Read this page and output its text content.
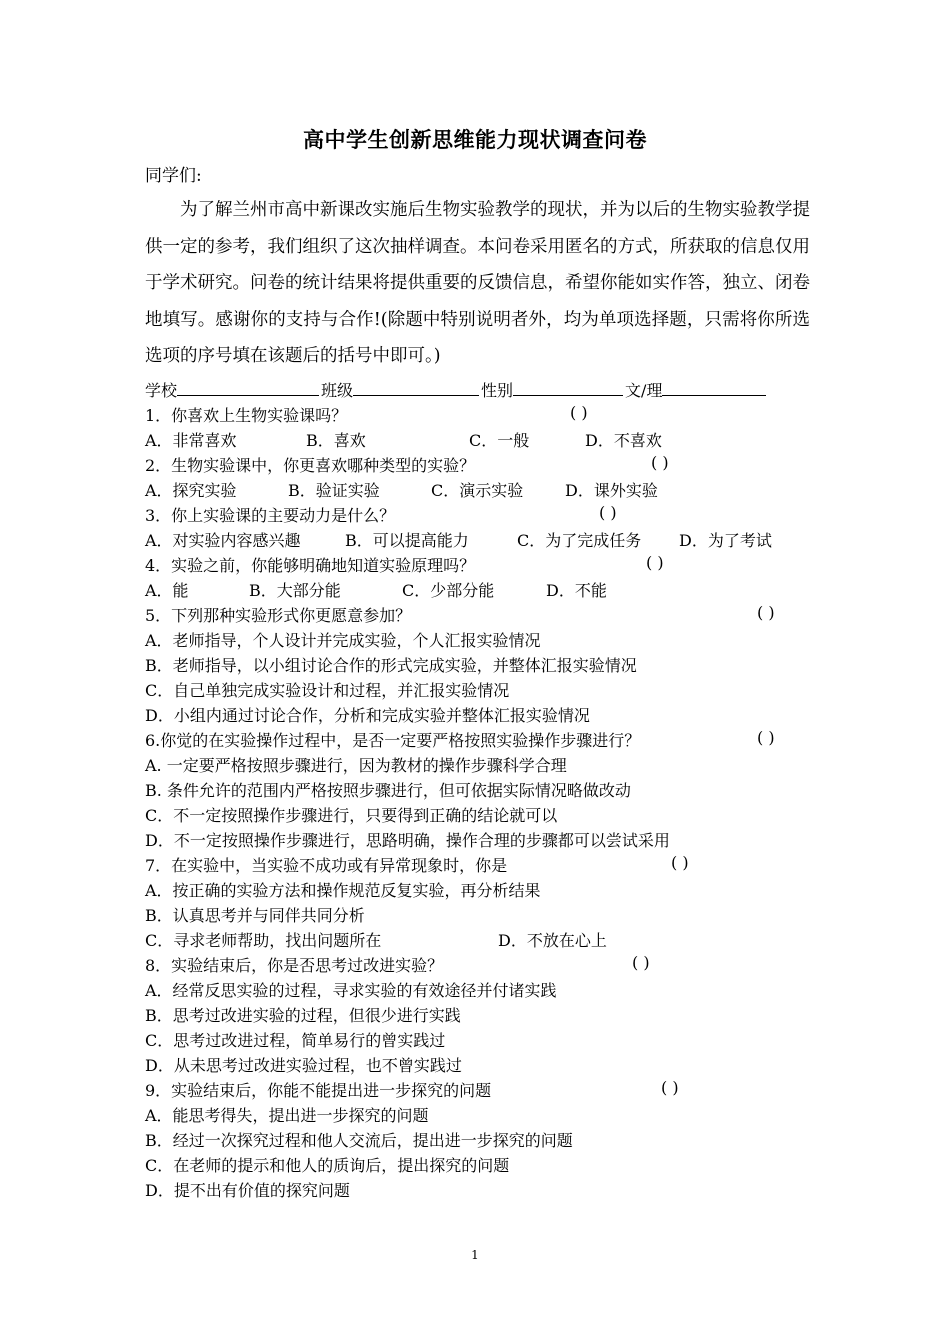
高中学生创新思维能力现状调查问卷
同学们:
为了解兰州市高中新课改实施后生物实验教学的现状，并为以后的生物实验教学提供一定的参考，我们组织了这次抽样调查。本问卷采用匿名的方式，所获取的信息仅用于学术研究。问卷的统计结果将提供重要的反馈信息，希望你能如实作答，独立、闭卷地填写。感谢你的支持与合作!(除题中特别说明者外，均为单项选择题，只需将你所选选项的序号填在该题后的括号中即可。)
学校	班级	性别	文/理
1．你喜欢上生物实验课吗？	( )
A．非常喜欢	B．喜欢	C．一般	D．不喜欢
2．生物实验课中，你更喜欢哪种类型的实验？	( )
A．探究实验	B．验证实验	C．演示实验	D．课外实验
3．你上实验课的主要动力是什么？	( )
A．对实验内容感兴趣	B．可以提高能力	C．为了完成任务 D．为了考试
4．实验之前，你能够明确地知道实验原理吗？	( )
A．能	B．大部分能	C．少部分能	D．不能
5．下列那种实验形式你更愿意参加？	( )
A．老师指导，个人设计并完成实验，个人汇报实验情况
B．老师指导，以小组讨论合作的形式完成实验，并整体汇报实验情况
C．自己单独完成实验设计和过程，并汇报实验情况
D．小组内通过讨论合作，分析和完成实验并整体汇报实验情况
6.你觉的在实验操作过程中，是否一定要严格按照实验操作步骤进行？	( )
A. 一定要严格按照步骤进行，因为教材的操作步骤科学合理
B. 条件允许的范围内严格按照步骤进行，但可依据实际情况略做改动
C．不一定按照操作步骤进行，只要得到正确的结论就可以
D．不一定按照操作步骤进行，思路明确，操作合理的步骤都可以尝试采用
7．在实验中，当实验不成功或有异常现象时，你是	( )
A．按正确的实验方法和操作规范反复实验，再分析结果
B．认真思考并与同伴共同分析
C．寻求老师帮助，找出问题所在	D．不放在心上
8．实验结束后，你是否思考过改进实验？	( )
A．经常反思实验的过程，寻求实验的有效途径并付诸实践
B．思考过改进实验的过程，但很少进行实践
C．思考过改进过程，简单易行的曾实践过
D．从未思考过改进实验过程，也不曾实践过
9．实验结束后，你能不能提出进一步探究的问题	( )
A．能思考得失，提出进一步探究的问题
B．经过一次探究过程和他人交流后，提出进一步探究的问题
C．在老师的提示和他人的质询后，提出探究的问题
D．提不出有价值的探究问题
1
